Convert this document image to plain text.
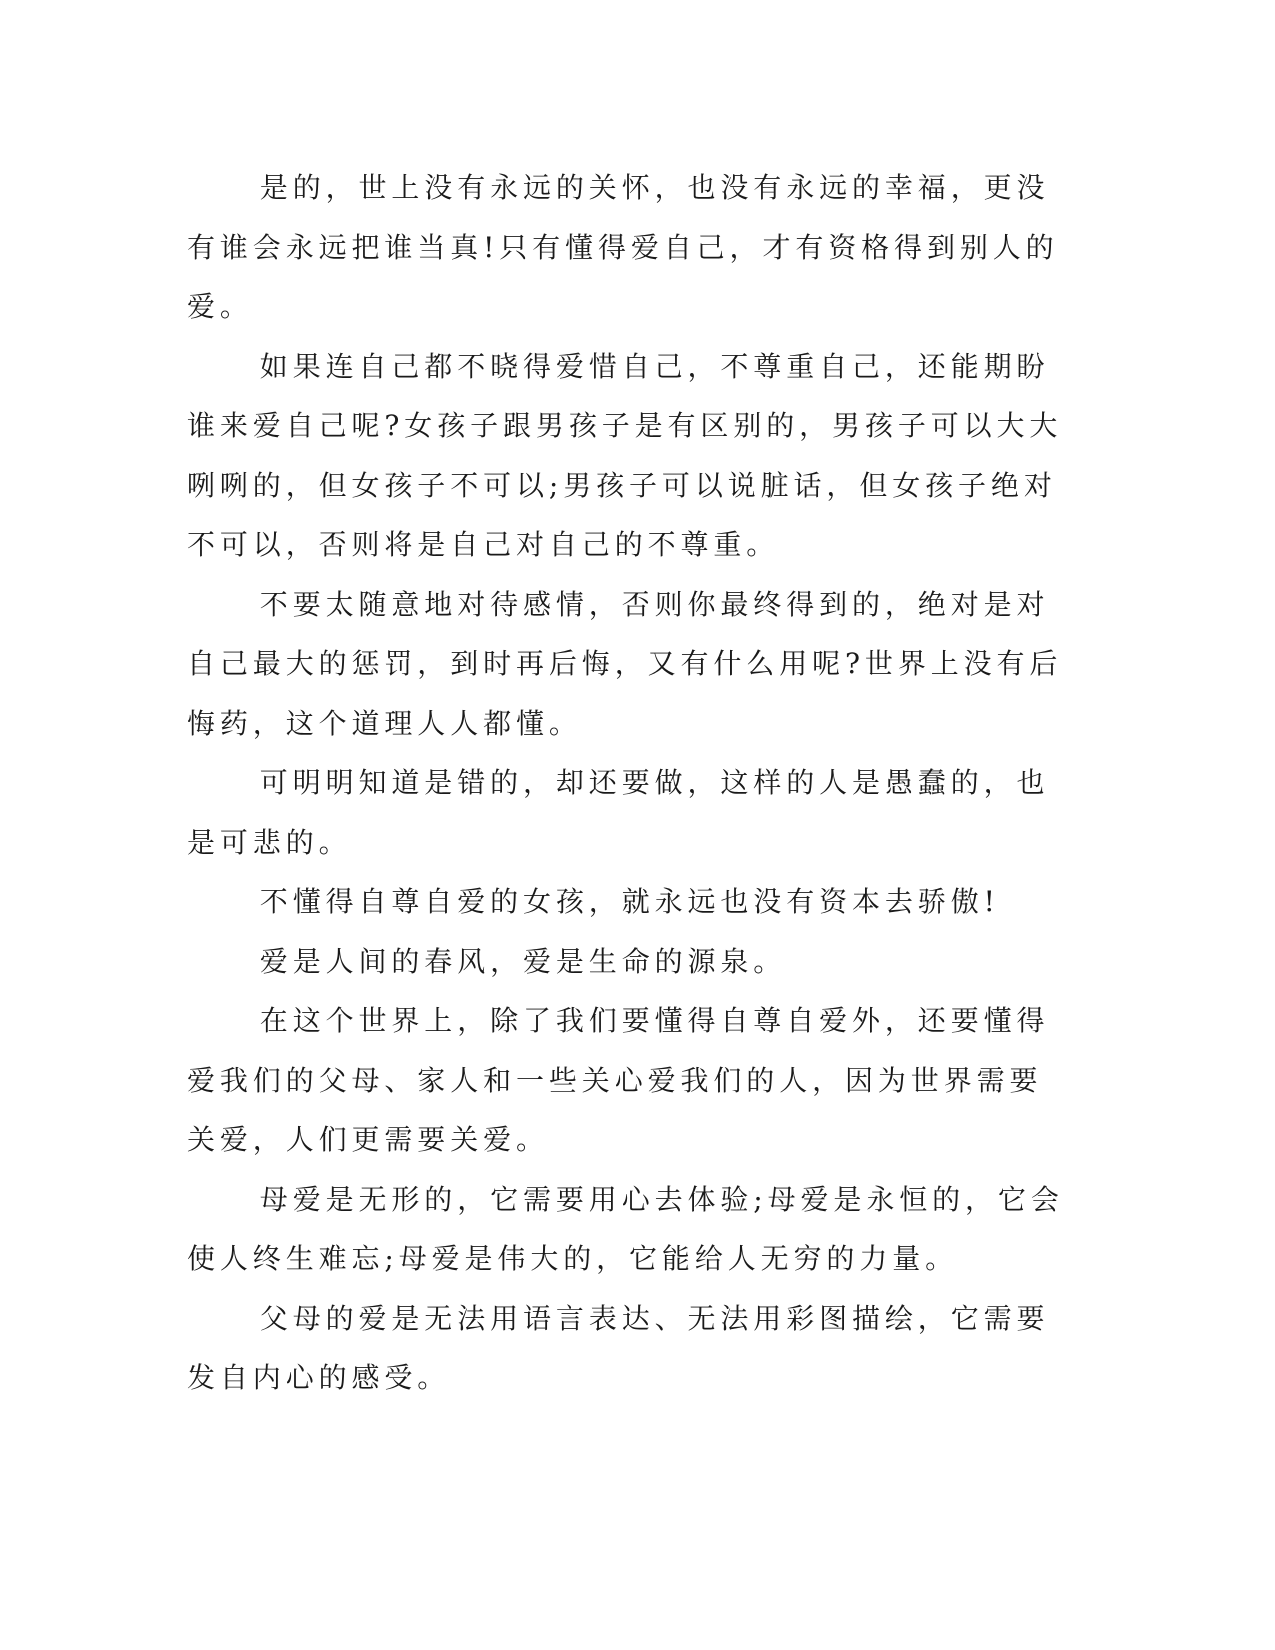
是的，世上没有永远的关怀，也没有永远的幸福，更没有谁会永远把谁当真!只有懂得爱自己，才有资格得到别人的爱。

如果连自己都不晓得爱惜自己，不尊重自己，还能期盼谁来爱自己呢?女孩子跟男孩子是有区别的，男孩子可以大大咧咧的，但女孩子不可以;男孩子可以说脏话，但女孩子绝对不可以，否则将是自己对自己的不尊重。

不要太随意地对待感情，否则你最终得到的，绝对是对自己最大的惩罚，到时再后悔，又有什么用呢?世界上没有后悔药，这个道理人人都懂。

可明明知道是错的，却还要做，这样的人是愚蠢的，也是可悲的。

不懂得自尊自爱的女孩，就永远也没有资本去骄傲!

爱是人间的春风，爱是生命的源泉。

在这个世界上，除了我们要懂得自尊自爱外，还要懂得爱我们的父母、家人和一些关心爱我们的人，因为世界需要关爱，人们更需要关爱。

母爱是无形的，它需要用心去体验;母爱是永恒的，它会使人终生难忘;母爱是伟大的，它能给人无穷的力量。

父母的爱是无法用语言表达、无法用彩图描绘，它需要发自内心的感受。
